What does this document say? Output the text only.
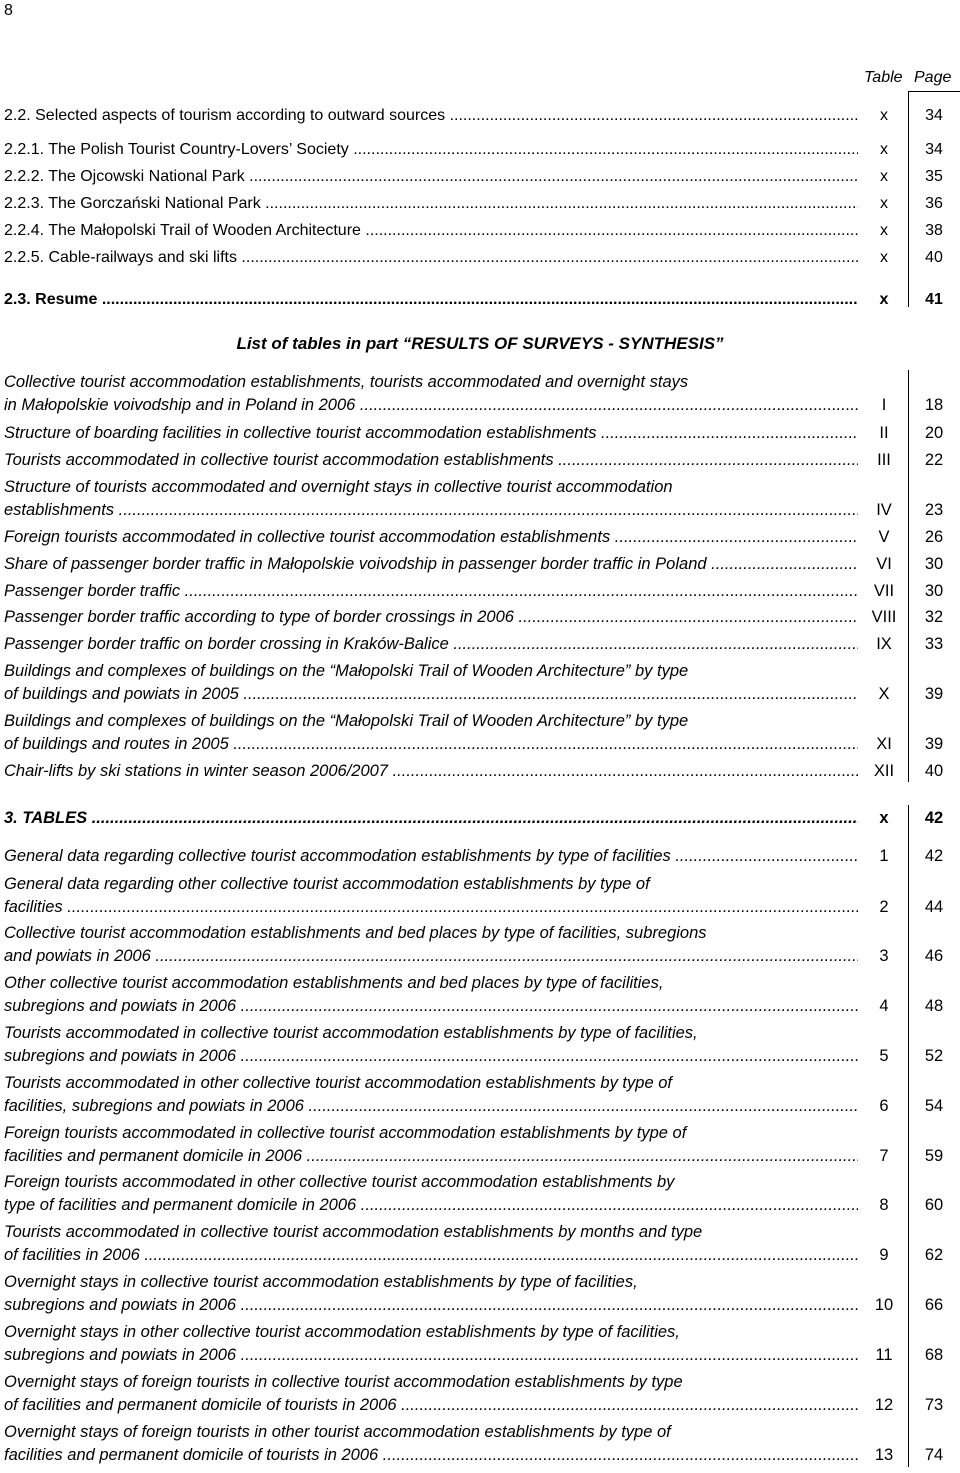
8
Table Page
List of tables in part “RESULTS OF SURVEYS - SYNTHESIS”
2.2. Selected aspects of tourism according to outward sources .....	x	34
2.2.1. The Polish Tourist Country-Lovers’ Society .....	x	34
2.2.2. The Ojcowski National Park .....	x	35
2.2.3. The Gorczański National Park .....	x	36
2.2.4. The Małopolski Trail of Wooden Architecture .....	x	38
2.2.5. Cable-railways and ski lifts .....	x	40
2.3. Resume .....	x	41
Collective tourist accommodation establishments, tourists accommodated and overnight stays
in Małopolskie voivodship and in Poland in 2006 .....	I	18
Structure of boarding facilities in collective tourist accommodation establishments .....	II	20
Tourists accommodated in collective tourist accommodation establishments .....	III	22
Structure of tourists accommodated and overnight stays in collective tourist accommodation
establishments .....	IV	23
Foreign tourists accommodated in collective tourist accommodation establishments .....	V	26
Share of passenger border traffic in Małopolskie voivodship in passenger border traffic in Poland .....	VI	30
Passenger border traffic .....	VII	30
Passenger border traffic according to type of border crossings in 2006 .....	VIII	32
Passenger border traffic on border crossing in Kraków-Balice .....	IX	33
Buildings and complexes of buildings on the “Małopolski Trail of Wooden Architecture” by type
of buildings and powiats in 2005 .....	X	39
Buildings and complexes of buildings on the “Małopolski Trail of Wooden Architecture” by type
of buildings and routes in 2005 .....	XI	39
Chair-lifts by ski stations in winter season 2006/2007 .....	XII	40
3. TABLES .....	x	42
General data regarding collective tourist accommodation establishments by type of facilities .....	1	42
General data regarding other collective tourist accommodation establishments by type of
facilities .....	2	44
Collective tourist accommodation establishments and bed places by type of facilities, subregions
and powiats in 2006 .....	3	46
Other collective tourist accommodation establishments and bed places by type of facilities,
subregions and powiats in 2006 .....	4	48
Tourists accommodated in collective tourist accommodation establishments by type of facilities,
subregions and powiats in 2006 .....	5	52
Tourists accommodated in other collective tourist accommodation establishments by type of
facilities, subregions and powiats in 2006 .....	6	54
Foreign tourists accommodated in collective tourist accommodation establishments by type of
facilities and permanent domicile in 2006 .....	7	59
Foreign tourists accommodated in other collective tourist accommodation establishments by
type of facilities and permanent domicile in 2006 .....	8	60
Tourists accommodated in collective tourist accommodation establishments by months and type
of facilities in 2006 .....	9	62
Overnight stays in collective tourist accommodation establishments by type of facilities,
subregions and powiats in 2006 .....	10	66
Overnight stays in other collective tourist accommodation establishments by type of facilities,
subregions and powiats in 2006 .....	11	68
Overnight stays of foreign tourists in collective tourist accommodation establishments by type
of facilities and permanent domicile of tourists in 2006 .....	12	73
Overnight stays of foreign tourists in other tourist accommodation establishments by type of
facilities and permanent domicile of tourists in 2006 .....	13	74
